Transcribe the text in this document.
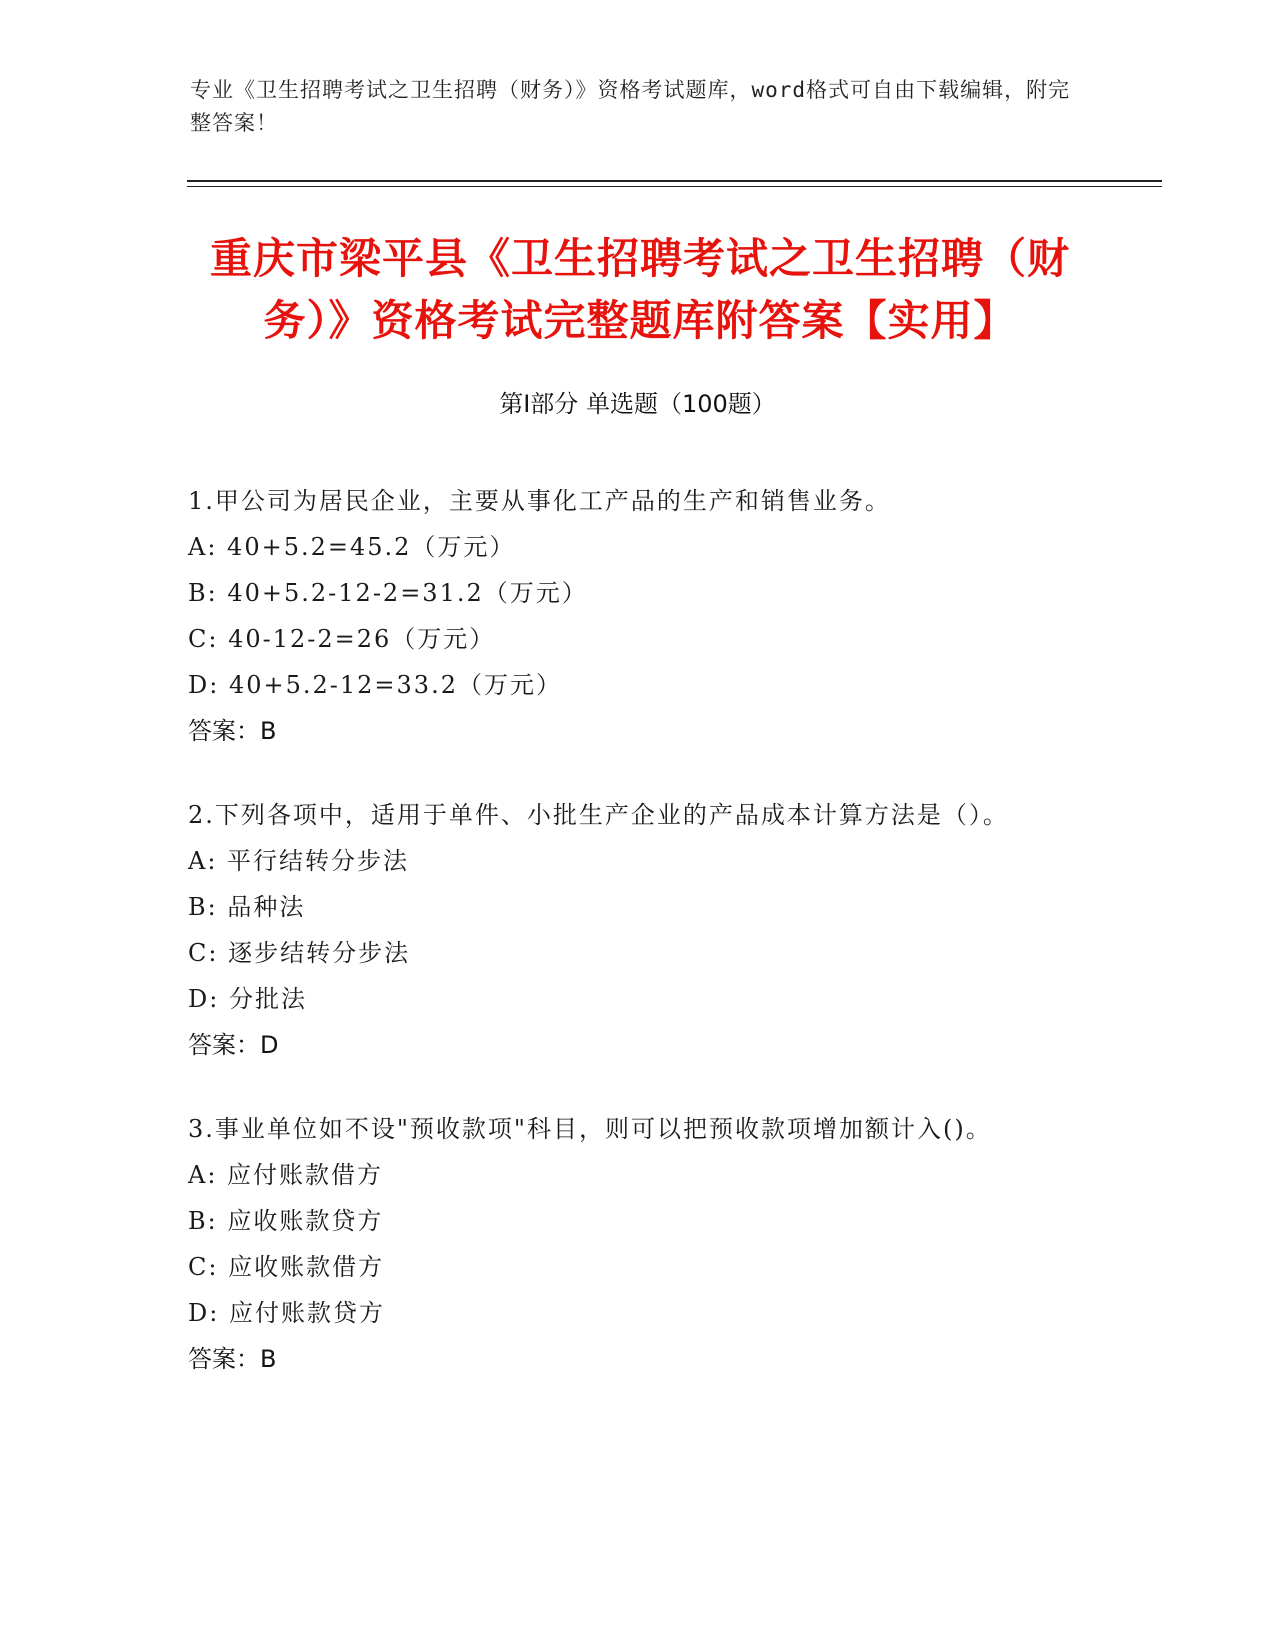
专业《卫生招聘考试之卫生招聘（财务）》资格考试题库，word格式可自由下载编辑，附完整答案！
重庆市梁平县《卫生招聘考试之卫生招聘（财务）》资格考试完整题库附答案【实用】
第Ⅰ部分 单选题（100题）
1.甲公司为居民企业，主要从事化工产品的生产和销售业务。
A: 40+5.2=45.2（万元）
B: 40+5.2-12-2=31.2（万元）
C: 40-12-2=26（万元）
D: 40+5.2-12=33.2（万元）
答案：B
2.下列各项中，适用于单件、小批生产企业的产品成本计算方法是（）。
A: 平行结转分步法
B: 品种法
C: 逐步结转分步法
D: 分批法
答案：D
3.事业单位如不设"预收款项"科目，则可以把预收款项增加额计入()。
A: 应付账款借方
B: 应收账款贷方
C: 应收账款借方
D: 应付账款贷方
答案：B
